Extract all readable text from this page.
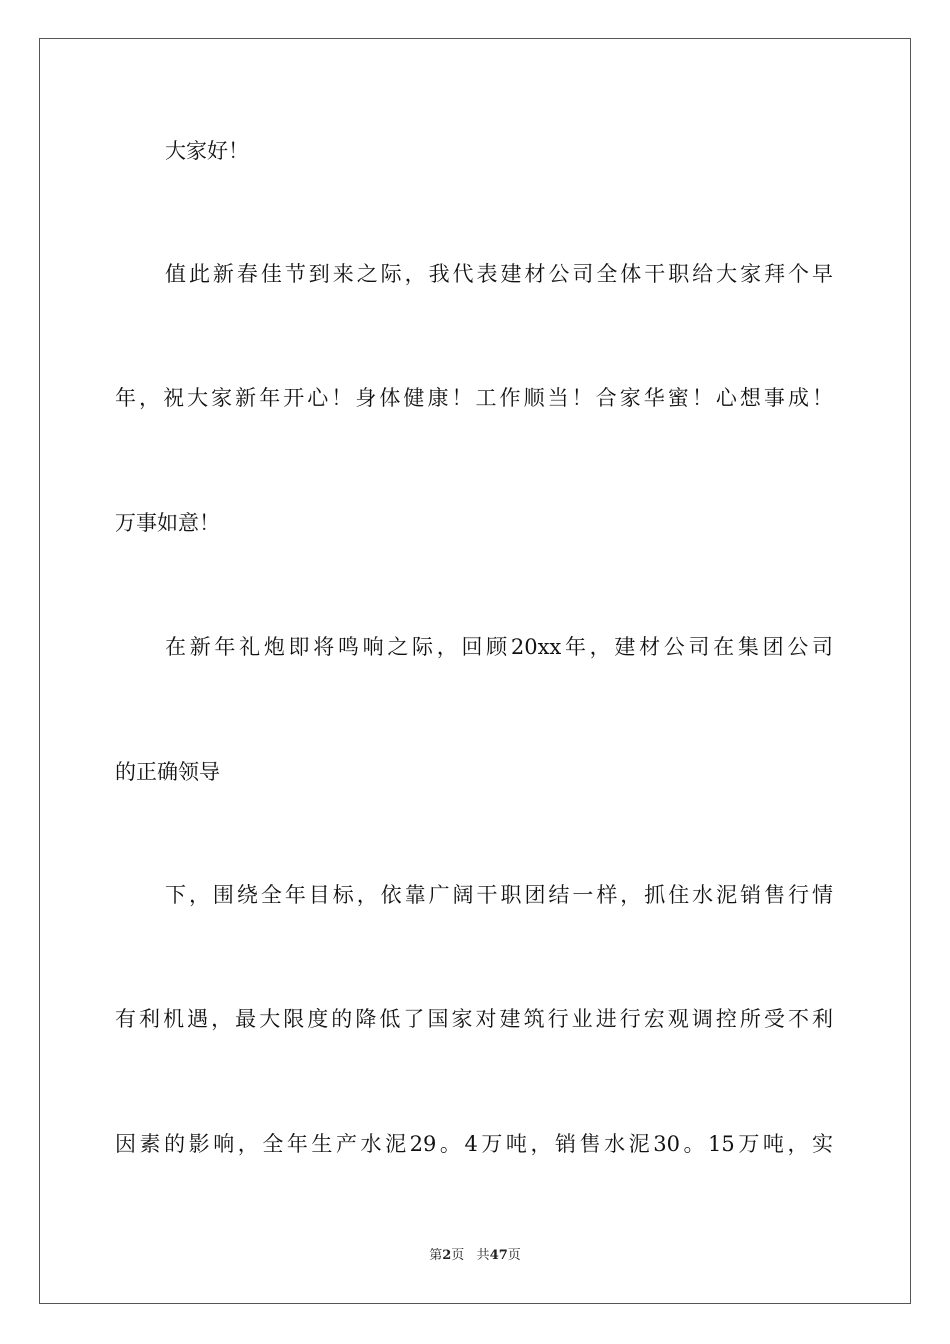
大家好！
值此新春佳节到来之际，我代表建材公司全体干职给大家拜个早
年，祝大家新年开心！身体健康！工作顺当！合家华蜜！心想事成！
万事如意！
在新年礼炮即将鸣响之际，回顾20xx年，建材公司在集团公司
的正确领导
下，围绕全年目标，依靠广阔干职团结一样，抓住水泥销售行情
有利机遇，最大限度的降低了国家对建筑行业进行宏观调控所受不利
因素的影响，全年生产水泥29。4万吨，销售水泥30。15万吨，实
第2页 共47页
